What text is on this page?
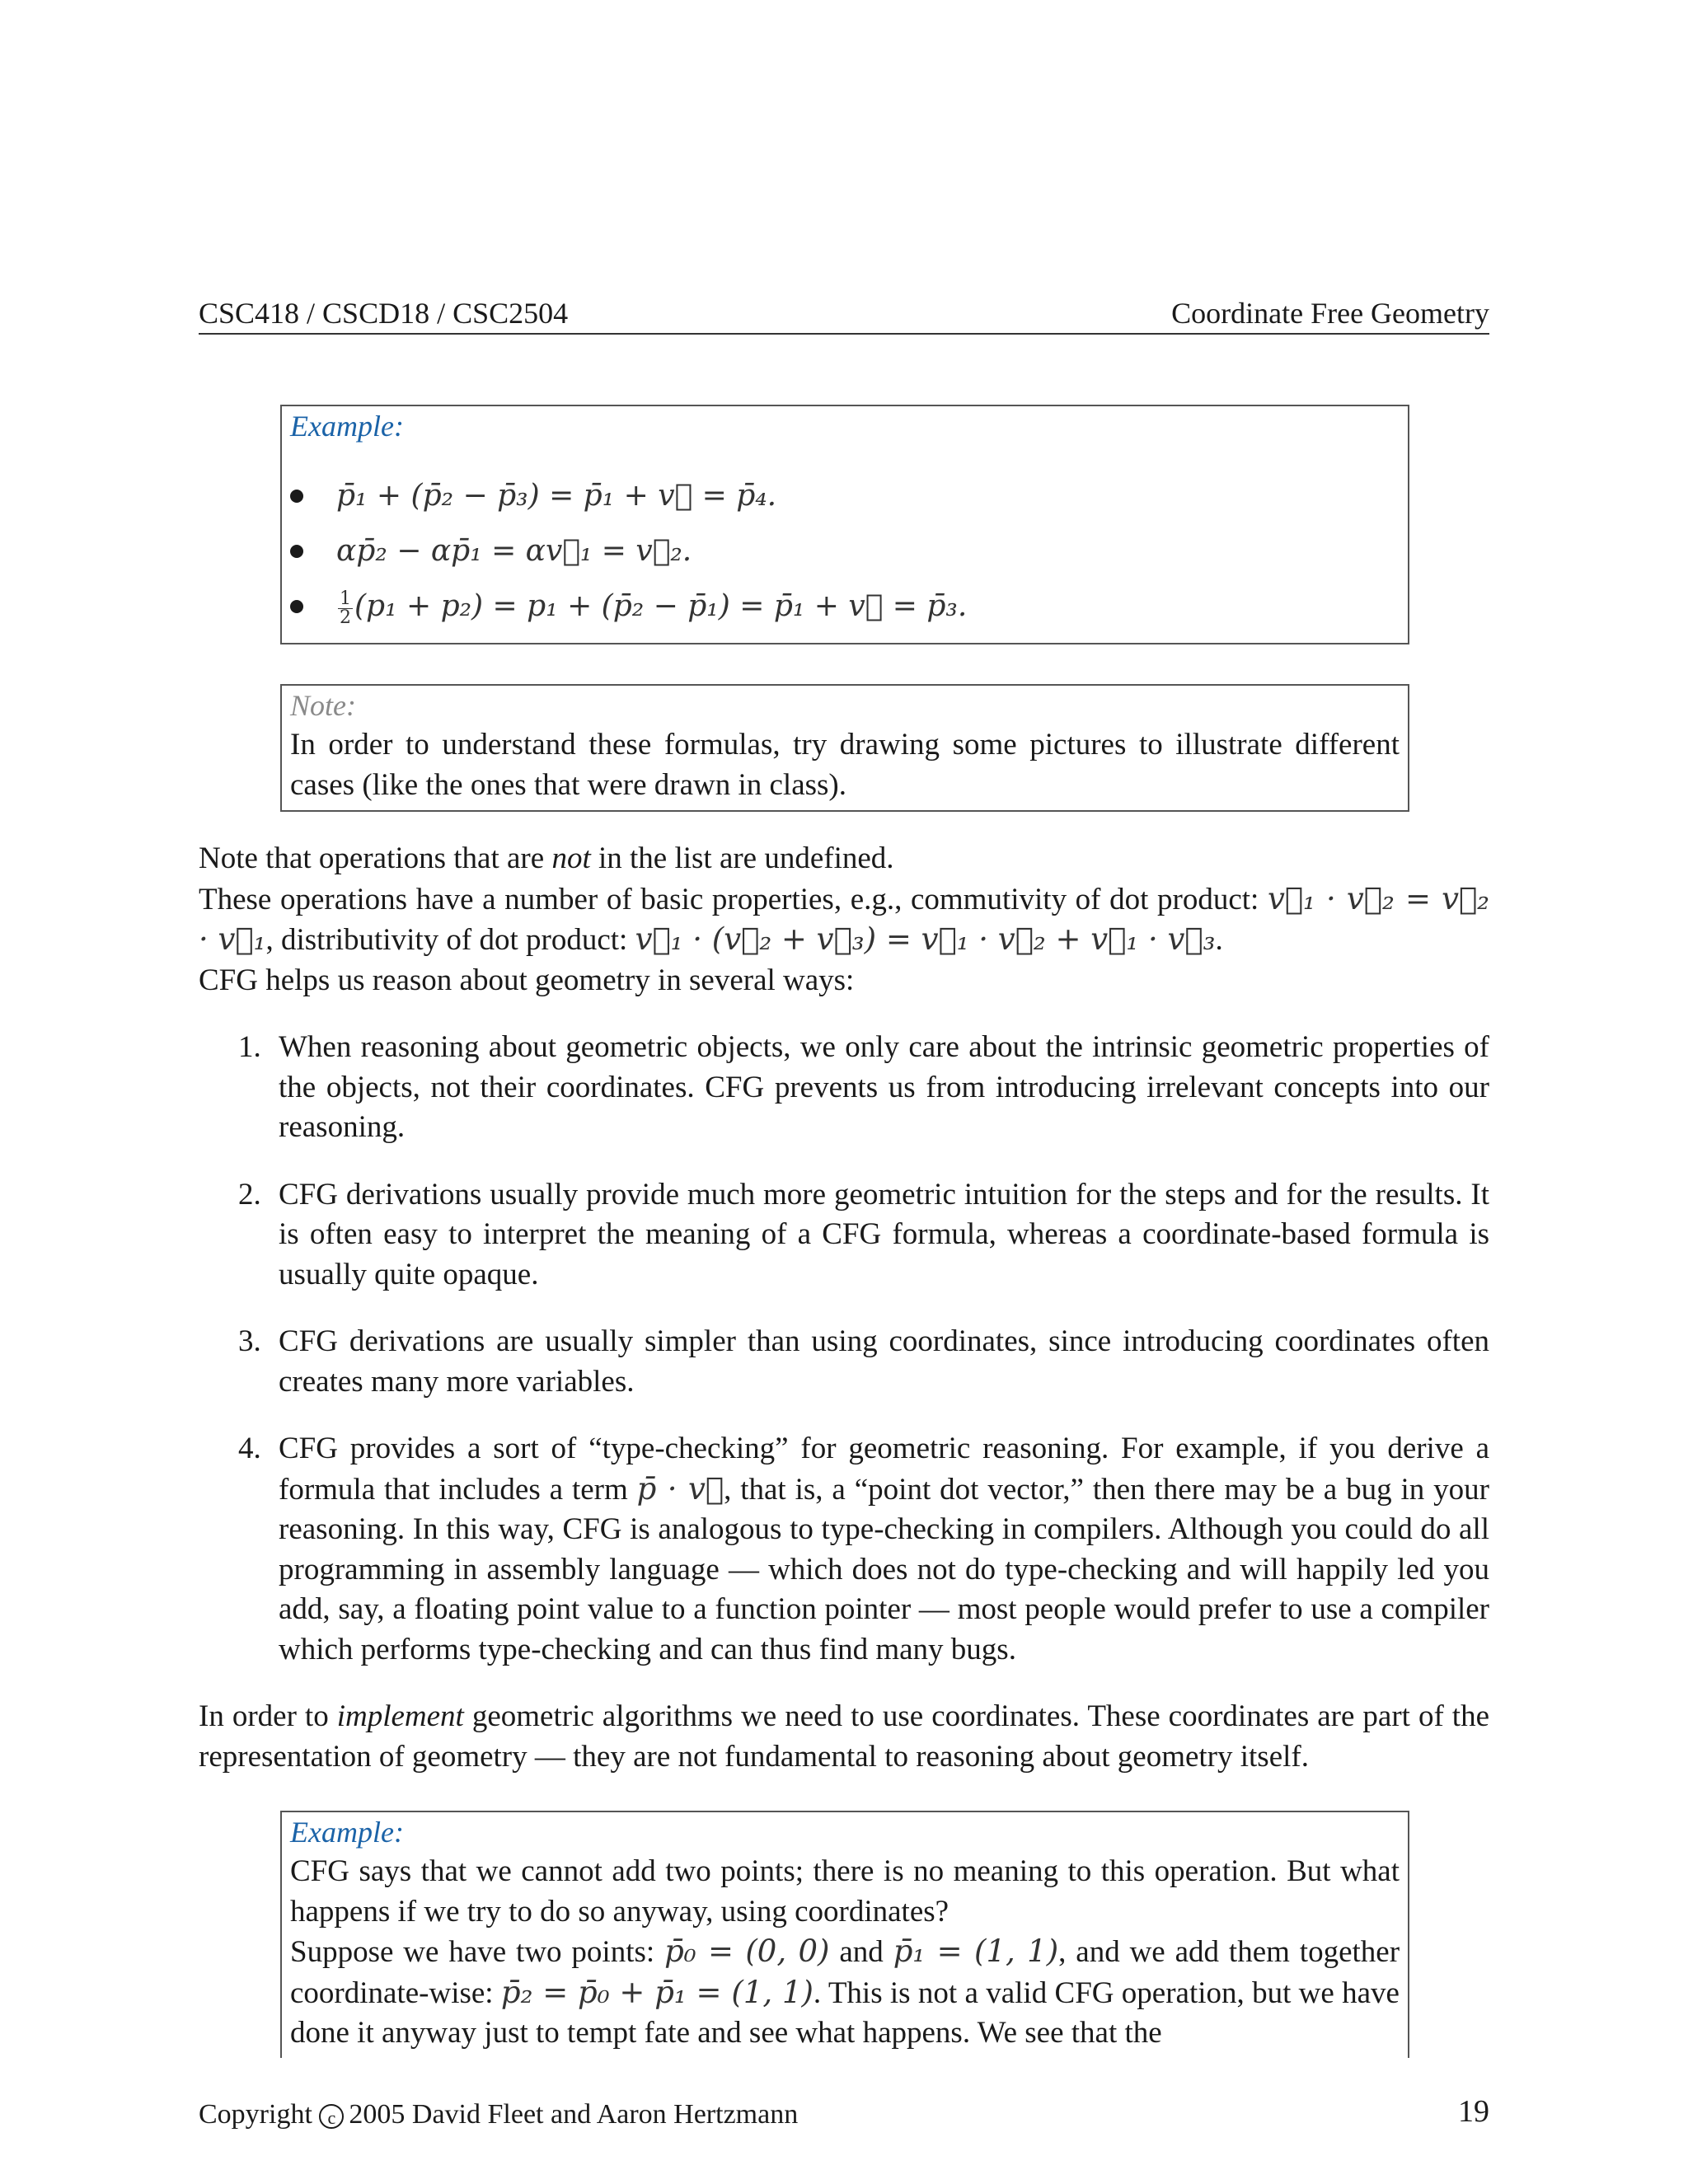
CSC418 / CSCD18 / CSC2504	Coordinate Free Geometry
Example:
p̄₁ + (p̄₂ − p̄₃) = p̄₁ + v⃗ = p̄₄.
αp̄₂ − αp̄₁ = αv⃗₁ = v⃗₂.
$\frac{1}{2} (p_1 + p_2) = p_1$ + (p̄₂ − p̄₁) = p̄₁ + v⃗ = p̄₃.
Note:
In order to understand these formulas, try drawing some pictures to illustrate different cases (like the ones that were drawn in class).
Note that operations that are not in the list are undefined.
These operations have a number of basic properties, e.g., commutivity of dot product: v⃗₁ · v⃗₂ = v⃗₂ · v⃗₁, distributivity of dot product: v⃗₁ · (v⃗₂ + v⃗₃) = v⃗₁ · v⃗₂ + v⃗₁ · v⃗₃.
CFG helps us reason about geometry in several ways:
1. When reasoning about geometric objects, we only care about the intrinsic geometric properties of the objects, not their coordinates. CFG prevents us from introducing irrelevant concepts into our reasoning.
2. CFG derivations usually provide much more geometric intuition for the steps and for the results. It is often easy to interpret the meaning of a CFG formula, whereas a coordinate-based formula is usually quite opaque.
3. CFG derivations are usually simpler than using coordinates, since introducing coordinates often creates many more variables.
4. CFG provides a sort of “type-checking” for geometric reasoning. For example, if you derive a formula that includes a term p̄ · v⃗, that is, a “point dot vector,” then there may be a bug in your reasoning. In this way, CFG is analogous to type-checking in compilers. Although you could do all programming in assembly language — which does not do type-checking and will happily led you add, say, a floating point value to a function pointer — most people would prefer to use a compiler which performs type-checking and can thus find many bugs.
In order to implement geometric algorithms we need to use coordinates. These coordinates are part of the representation of geometry — they are not fundamental to reasoning about geometry itself.
Example:
CFG says that we cannot add two points; there is no meaning to this operation. But what happens if we try to do so anyway, using coordinates?
Suppose we have two points: p̄₀ = (0, 0) and p̄₁ = (1, 1), and we add them together coordinate-wise: p̄₂ = p̄₀ + p̄₁ = (1, 1). This is not a valid CFG operation, but we have done it anyway just to tempt fate and see what happens. We see that the
Copyright c 2005 David Fleet and Aaron Hertzmann	19
